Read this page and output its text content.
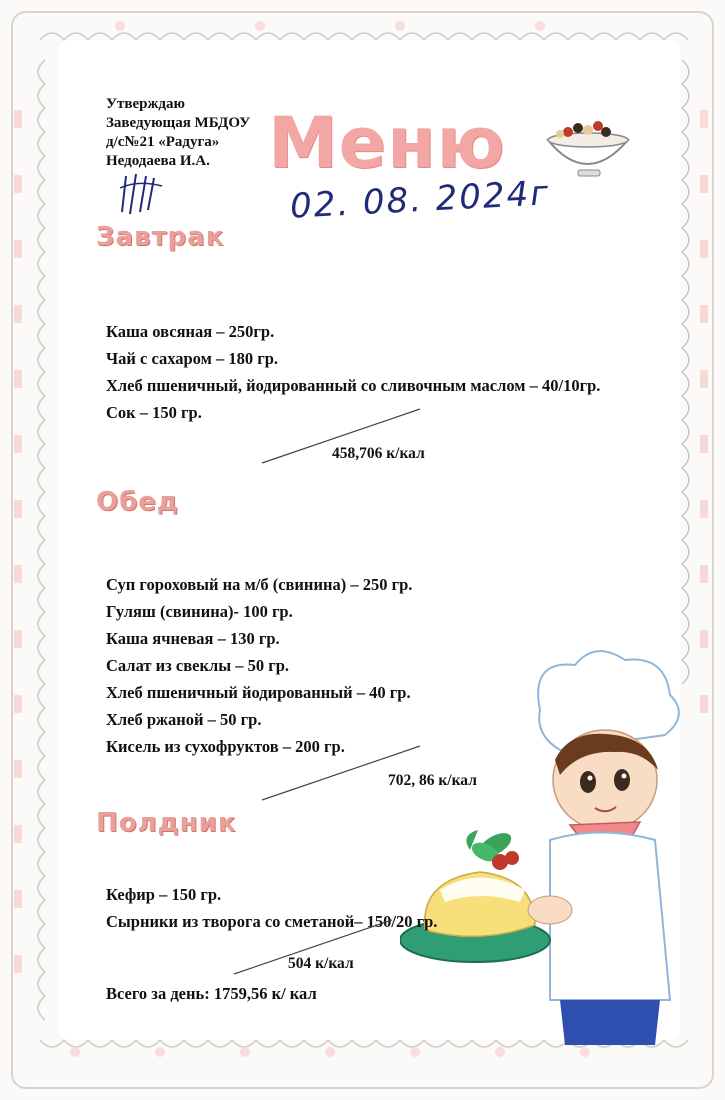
Утверждаю
Заведующая МБДОУ
д/с№21 «Радуга»
Недодаева И.А. Меню
02. 08. 2024г
Завтрак
Каша овсяная – 250гр.
Чай с сахаром – 180 гр.
Хлеб пшеничный, йодированный со сливочным маслом – 40/10гр.
Сок – 150 гр.
458,706 к/кал
Обед
Суп гороховый на м/б (свинина) – 250 гр.
Гуляш (свинина)- 100 гр.
Каша ячневая – 130 гр.
Салат из свеклы – 50 гр.
Хлеб пшеничный йодированный – 40 гр.
Хлеб ржаной – 50 гр.
Кисель из сухофруктов – 200 гр.
702, 86 к/кал
Полдник
Кефир – 150 гр.
Сырники из творога со сметаной– 150/20 гр.
504 к/кал
Всего за день: 1759,56 к/ кал
